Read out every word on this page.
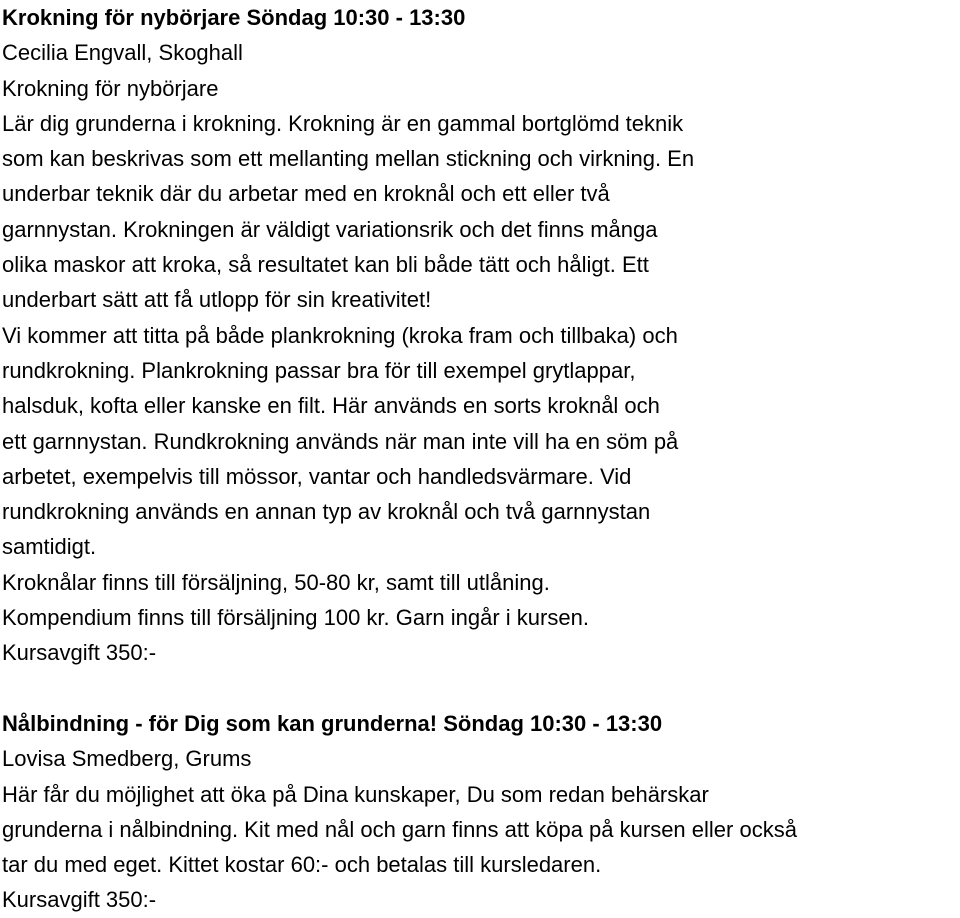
Krokning för nybörjare Söndag 10:30 - 13:30

Cecilia Engvall, Skoghall

Krokning för nybörjare

Lär dig grunderna i krokning. Krokning är en gammal bortglömd teknik

som kan beskrivas som ett mellanting mellan stickning och virkning. En

underbar teknik där du arbetar med en kroknål och ett eller två

garnnystan. Krokningen är väldigt variationsrik och det finns många

olika maskor att kroka, så resultatet kan bli både tätt och håligt. Ett

underbart sätt att få utlopp för sin kreativitet!

Vi kommer att titta på både plankrokning (kroka fram och tillbaka) och

rundkrokning. Plankrokning passar bra för till exempel grytlappar,

halsduk, kofta eller kanske en filt. Här används en sorts kroknål och

ett garnnystan. Rundkrokning används när man inte vill ha en söm på

arbetet, exempelvis till mössor, vantar och handledsvärmare. Vid

rundkrokning används en annan typ av kroknål och två garnnystan

samtidigt.

Kroknålar finns till försäljning, 50-80 kr, samt till utlåning.

Kompendium finns till försäljning 100 kr. Garn ingår i kursen.

Kursavgift 350:-

Nålbindning - för Dig som kan grunderna! Söndag 10:30 - 13:30

Lovisa Smedberg, Grums

Här får du möjlighet att öka på Dina kunskaper, Du som redan behärskar

grunderna i nålbindning. Kit med nål och garn finns att köpa på kursen eller också

tar du med eget. Kittet kostar 60:- och betalas till kursledaren.

Kursavgift 350:-
